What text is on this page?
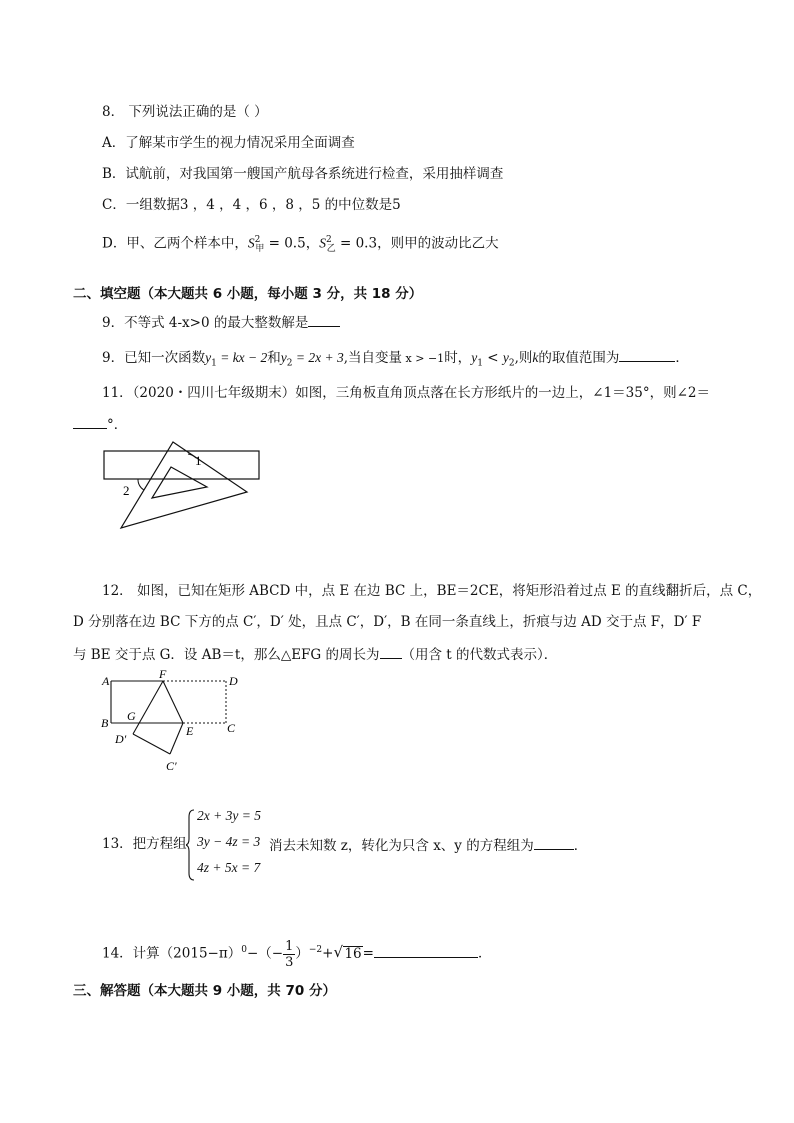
8． 下列说法正确的是（ ）
A．了解某市学生的视力情况采用全面调查
B．试航前，对我国第一艘国产航母各系统进行检查，采用抽样调查
C．一组数据3 ，4 ，4 ，6 ，8 ，5 的中位数是5
D．甲、乙两个样本中，$S^2_甲 = 0.5$，$S^2_乙 = 0.3$，则甲的波动比乙大
二、填空题（本大题共 6 小题，每小题 3 分，共 18 分）
9．不等式 4-x>0 的最大整数解是
9．已知一次函数$y_1$ = kx − 2和$y_2 = 2x + 3$,当自变量 x > −1时，$y_1 < y_2$,则k的取值范围为	．
11．（2020・四川七年级期末）如图，三角板直角顶点落在长方形纸片的一边上，∠1＝35°，则∠2＝
°．
1
2
12． 如图，已知在矩形 ABCD 中，点 E 在边 BC 上，BE＝2CE，将矩形沿着过点 E 的直线翻折后，点 C，
D 分别落在边 BC 下方的点 C′，D′ 处，且点 C′，D′，B 在同一条直线上，折痕与边 AD 交于点 F，D′ F
与 BE 交于点 G．设 AB＝t，那么△EFG 的周长为 （用含 t 的代数式表示）．
A	F	D
B G
D′
E	C
C′
13．把方程组
2x + 3y = 5
3y − 4z = 3
4z + 5x = 7
消去未知数 z，转化为只含 x、y 的方程组为	．
14．计算$(2015-\pi)^0-(- \frac{1}{3} )^{-2}+$ √ 16=	．
三、解答题（本大题共 9 小题，共 70 分）
